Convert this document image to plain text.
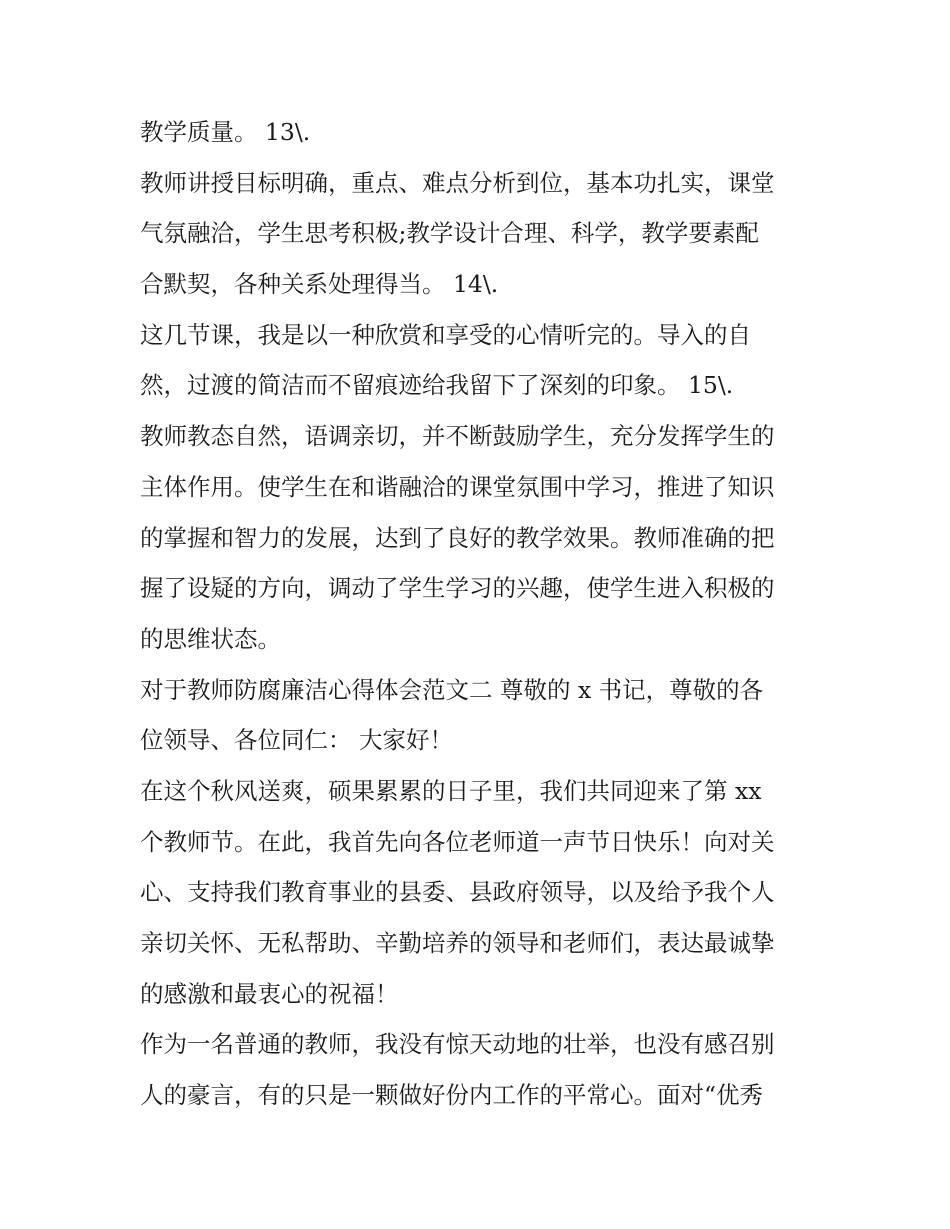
教学质量。 13\.
教师讲授目标明确，重点、难点分析到位，基本功扎实，课堂
气氛融洽，学生思考积极;教学设计合理、科学，教学要素配
合默契，各种关系处理得当。 14\.
这几节课，我是以一种欣赏和享受的心情听完的。导入的自
然，过渡的简洁而不留痕迹给我留下了深刻的印象。 15\.
教师教态自然，语调亲切，并不断鼓励学生，充分发挥学生的
主体作用。使学生在和谐融洽的课堂氛围中学习，推进了知识
的掌握和智力的发展，达到了良好的教学效果。教师准确的把
握了设疑的方向，调动了学生学习的兴趣，使学生进入积极的
的思维状态。
对于教师防腐廉洁心得体会范文二 尊敬的 x 书记，尊敬的各
位领导、各位同仁： 大家好！
在这个秋风送爽，硕果累累的日子里，我们共同迎来了第 xx
个教师节。在此，我首先向各位老师道一声节日快乐！向对关
心、支持我们教育事业的县委、县政府领导，以及给予我个人
亲切关怀、无私帮助、辛勤培养的领导和老师们，表达最诚挚
的感激和最衷心的祝福！
作为一名普通的教师，我没有惊天动地的壮举，也没有感召别
人的豪言，有的只是一颗做好份内工作的平常心。面对“优秀
